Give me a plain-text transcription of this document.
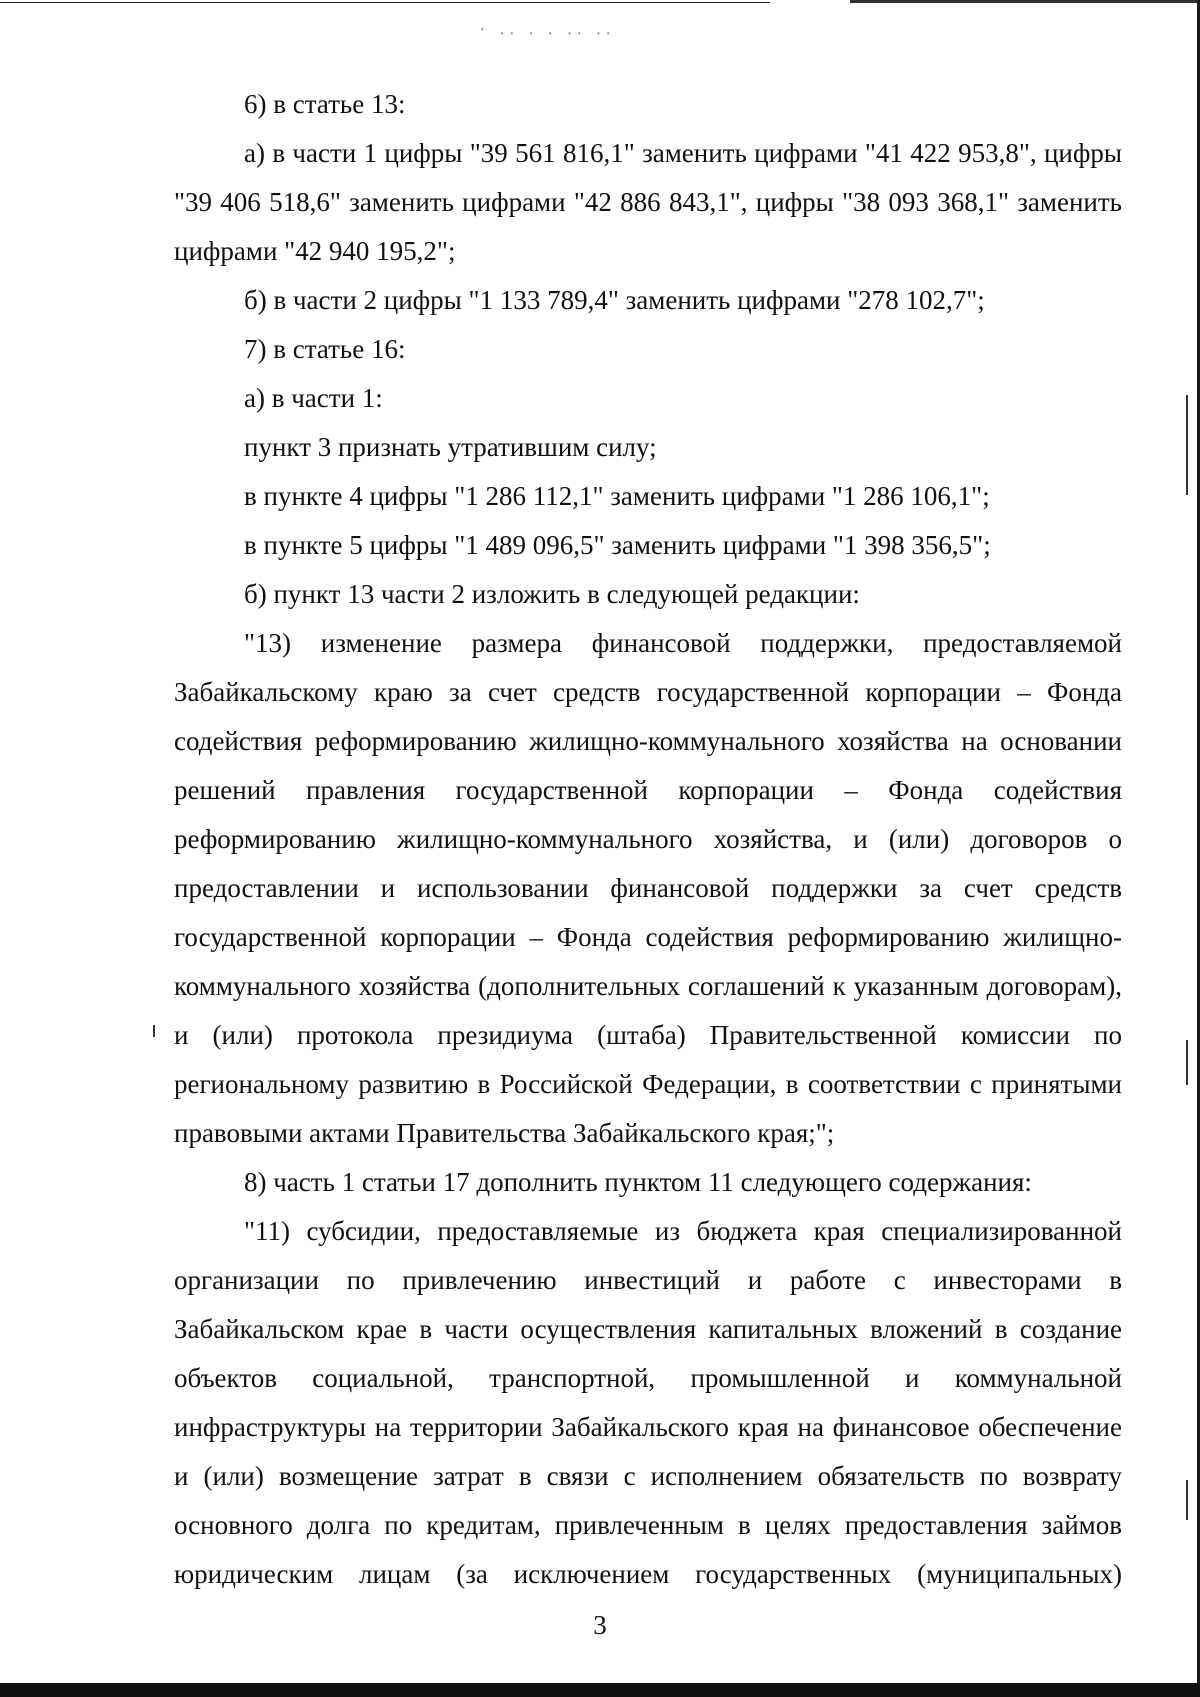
‘ ⸳⸳ ⸳ ⸳ ⸳⸳ ⸳⸳

6) в статье 13:

а) в части 1 цифры "39 561 816,1" заменить цифрами "41 422 953,8", цифры "39 406 518,6" заменить цифрами "42 886 843,1", цифры "38 093 368,1" заменить цифрами "42 940 195,2";

б) в части 2 цифры "1 133 789,4" заменить цифрами "278 102,7";

7) в статье 16:

а) в части 1:

пункт 3 признать утратившим силу;

в пункте 4 цифры "1 286 112,1" заменить цифрами "1 286 106,1";

в пункте 5 цифры "1 489 096,5" заменить цифрами "1 398 356,5";

б) пункт 13 части 2 изложить в следующей редакции:

"13) изменение размера финансовой поддержки, предоставляемой Забайкальскому краю за счет средств государственной корпорации – Фонда содействия реформированию жилищно-коммунального хозяйства на основании решений правления государственной корпорации – Фонда содействия реформированию жилищно-коммунального хозяйства, и (или) договоров о предоставлении и использовании финансовой поддержки за счет средств государственной корпорации – Фонда содействия реформированию жилищно-коммунального хозяйства (дополнительных соглашений к указанным договорам), и (или) протокола президиума (штаба) Правительственной комиссии по региональному развитию в Российской Федерации, в соответствии с принятыми правовыми актами Правительства Забайкальского края;";

8) часть 1 статьи 17 дополнить пунктом 11 следующего содержания:

"11) субсидии, предоставляемые из бюджета края специализированной организации по привлечению инвестиций и работе с инвесторами в Забайкальском крае в части осуществления капитальных вложений в создание объектов социальной, транспортной, промышленной и коммунальной инфраструктуры на территории Забайкальского края на финансовое обеспечение и (или) возмещение затрат в связи с исполнением обязательств по возврату основного долга по кредитам, привлеченным в целях предоставления займов юридическим лицам (за исключением государственных (муниципальных)

3
